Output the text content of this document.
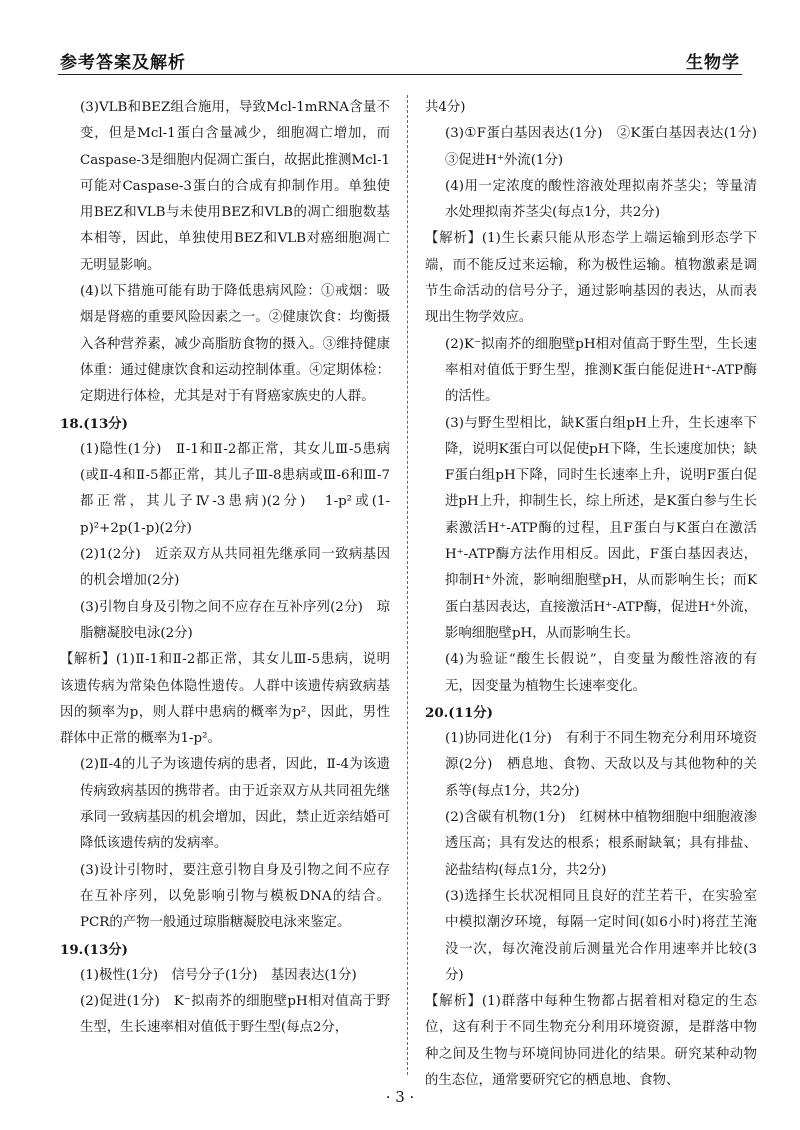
参考答案及解析	生物学

(3)VLB和BEZ组合施用，导致Mcl-1mRNA含量不变，但是Mcl-1蛋白含量减少，细胞凋亡增加，而Caspase-3是细胞内促凋亡蛋白，故据此推测Mcl-1可能对Caspase-3蛋白的合成有抑制作用。单独使用BEZ和VLB与未使用BEZ和VLB的凋亡细胞数基本相等，因此，单独使用BEZ和VLB对癌细胞凋亡无明显影响。

(4)以下措施可能有助于降低患病风险：①戒烟：吸烟是肾癌的重要风险因素之一。②健康饮食：均衡摄入各种营养素，减少高脂肪食物的摄入。③维持健康体重：通过健康饮食和运动控制体重。④定期体检：定期进行体检，尤其是对于有肾癌家族史的人群。

18.(13分)

(1)隐性(1分)　Ⅱ-1和Ⅱ-2都正常，其女儿Ⅲ-5患病(或Ⅱ-4和Ⅱ-5都正常，其儿子Ⅲ-8患病或Ⅲ-6和Ⅲ-7都正常，其儿子Ⅳ-3患病)(2分)　1-p²或(1-p)²+2p(1-p)(2分)

(2)1(2分)　近亲双方从共同祖先继承同一致病基因的机会增加(2分)

(3)引物自身及引物之间不应存在互补序列(2分)　琼脂糖凝胶电泳(2分)

【解析】(1)Ⅱ-1和Ⅱ-2都正常，其女儿Ⅲ-5患病，说明该遗传病为常染色体隐性遗传。人群中该遗传病致病基因的频率为p，则人群中患病的概率为p²，因此，男性群体中正常的概率为1-p²。

(2)Ⅱ-4的儿子为该遗传病的患者，因此，Ⅱ-4为该遗传病致病基因的携带者。由于近亲双方从共同祖先继承同一致病基因的机会增加，因此，禁止近亲结婚可降低该遗传病的发病率。

(3)设计引物时，要注意引物自身及引物之间不应存在互补序列，以免影响引物与模板DNA的结合。PCR的产物一般通过琼脂糖凝胶电泳来鉴定。

19.(13分)

(1)极性(1分)　信号分子(1分)　基因表达(1分)

(2)促进(1分)　K⁻拟南芥的细胞壁pH相对值高于野生型，生长速率相对值低于野生型(每点2分，

共4分)

(3)①F蛋白基因表达(1分)　②K蛋白基因表达(1分)　③促进H⁺外流(1分)

(4)用一定浓度的酸性溶液处理拟南芥茎尖；等量清水处理拟南芥茎尖(每点1分，共2分)

【解析】(1)生长素只能从形态学上端运输到形态学下端，而不能反过来运输，称为极性运输。植物激素是调节生命活动的信号分子，通过影响基因的表达，从而表现出生物学效应。

(2)K⁻拟南芥的细胞壁pH相对值高于野生型，生长速率相对值低于野生型，推测K蛋白能促进H⁺-ATP酶的活性。

(3)与野生型相比，缺K蛋白组pH上升，生长速率下降，说明K蛋白可以促使pH下降，生长速度加快；缺F蛋白组pH下降，同时生长速率上升，说明F蛋白促进pH上升，抑制生长，综上所述，是K蛋白参与生长素激活H⁺-ATP酶的过程，且F蛋白与K蛋白在激活H⁺-ATP酶方法作用相反。因此，F蛋白基因表达，抑制H⁺外流，影响细胞壁pH，从而影响生长；而K蛋白基因表达，直接激活H⁺-ATP酶，促进H⁺外流，影响细胞壁pH，从而影响生长。

(4)为验证“酸生长假说”，自变量为酸性溶液的有无，因变量为植物生长速率变化。

20.(11分)

(1)协同进化(1分)　有利于不同生物充分利用环境资源(2分)　栖息地、食物、天敌以及与其他物种的关系等(每点1分，共2分)

(2)含碳有机物(1分)　红树林中植物细胞中细胞液渗透压高；具有发达的根系；根系耐缺氧；具有排盐、泌盐结构(每点1分，共2分)

(3)选择生长状况相同且良好的茳芏若干，在实验室中模拟潮汐环境，每隔一定时间(如6小时)将茳芏淹没一次，每次淹没前后测量光合作用速率并比较(3分)

【解析】(1)群落中每种生物都占据着相对稳定的生态位，这有利于不同生物充分利用环境资源，是群落中物种之间及生物与环境间协同进化的结果。研究某种动物的生态位，通常要研究它的栖息地、食物、

· 3 ·
